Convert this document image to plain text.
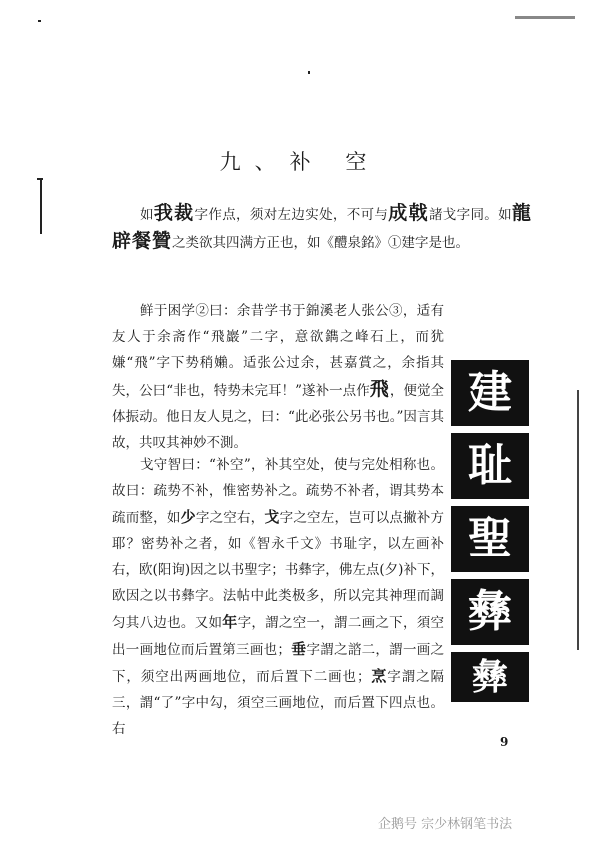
九、补 空

如我裁字作点，须对左边实处，不可与成戟諸戈字同。如龍辟餐贊之类欲其四满方正也，如《醴泉銘》①建字是也。

鲜于困学②曰：余昔学书于錦溪老人张公③，适有友人于余斋作“飛巖”二字，意欲鐫之峰石上，而犹嫌“飛”字下势稍嬾。适张公过余，甚嘉賞之，余指其失，公曰“非也，特势未完耳！”遂补一点作飛，便觉全体振动。他日友人見之，曰：“此必张公另书也。”因言其故，共叹其神妙不測。

戈守智曰：“补空”，补其空处，使与完处相称也。故曰：疏势不补，惟密势补之。疏势不补者，谓其势本疏而整，如少字之空右，戈字之空左，岂可以点撇补方耶？密势补之者，如《智永千文》书耻字，以左画补右，欧(阳询)因之以书聖字；书彝字，佛左点(夕)补下，欧因之以书彝字。法帖中此类极多，所以完其神理而調匀其八边也。又如年字，謂之空一，謂二画之下，須空出一画地位而后置第三画也；垂字謂之諮二，謂一画之下，须空出两画地位，而后置下二画也；烹字謂之隔三，謂“了”字中勾，須空三画地位，而后置下四点也。右

建
耻
聖
彝
彝
9
企鹅号 宗少林钢笔书法
